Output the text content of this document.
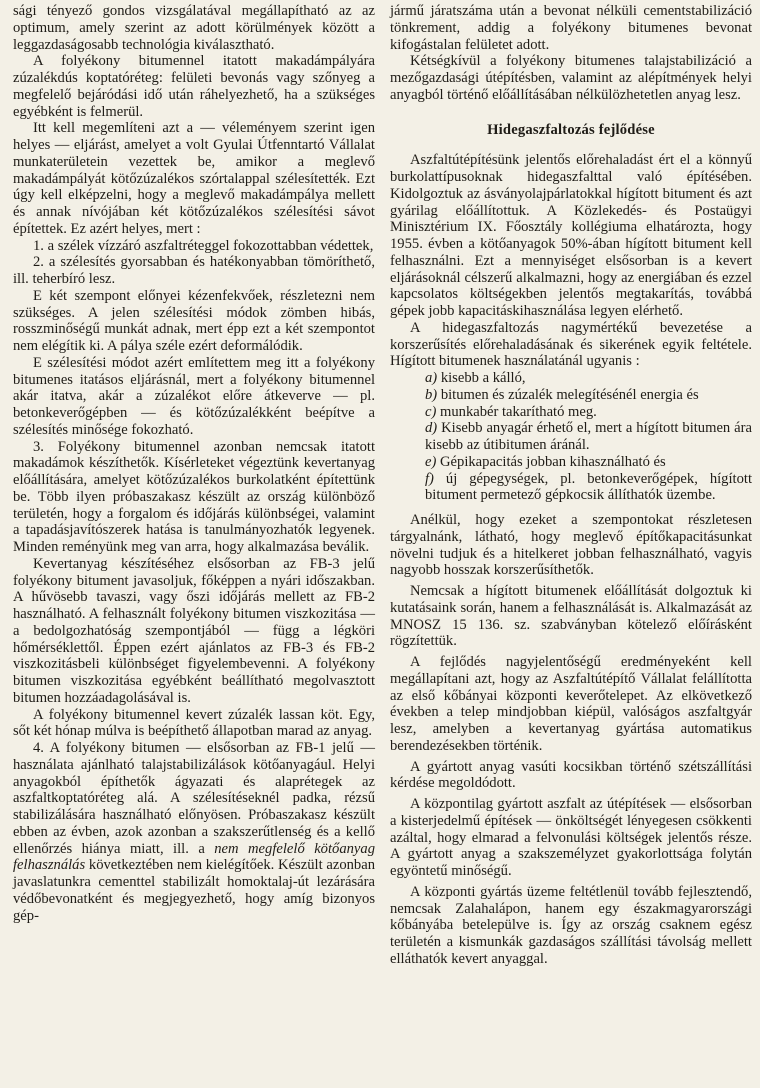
sági tényező gondos vizsgálatával megállapítható az az optimum, amely szerint az adott körülmények között a leggazdaságosabb technológia kiválasztható.

A folyékony bitumennel itatott makadámpályára zúzalékdús koptatóréteg: felületi bevonás vagy szőnyeg a megfelelő bejáródási idő után ráhelyezhető, ha a szükséges egyébként is felmerül.

Itt kell megemlíteni azt a — véleményem szerint igen helyes — eljárást, amelyet a volt Gyulai Útfenntartó Vállalat munkaterületein vezettek be, amikor a meglevő makadámpályát kötőzúzalékos szórtalappal szélesítették. Ezt úgy kell elképzelni, hogy a meglevő makadámpálya mellett és annak nívójában két kötőzúzalékos szélesítési sávot építettek. Ez azért helyes, mert :

1. a szélek vízzáró aszfaltréteggel fokozottabban védettek,

2. a szélesítés gyorsabban és hatékonyabban tömöríthető, ill. teherbíró lesz.

E két szempont előnyei kézenfekvőek, részletezni nem szükséges. A jelen szélesítési módok zömben hibás, rosszminőségű munkát adnak, mert épp ezt a két szempontot nem elégítik ki. A pálya széle ezért deformálódik.

E szélesítési módot azért említettem meg itt a folyékony bitumenes itatásos eljárásnál, mert a folyékony bitumennel akár itatva, akár a zúzalékot előre átkeverve — pl. betonkeverőgépben — és kötőzúzalékként beépítve a szélesítés minősége fokozható.

3. Folyékony bitumennel azonban nemcsak itatott makadámok készíthetők. Kísérleteket végeztünk kevertanyag előállítására, amelyet kötőzúzalékos burkolatként építettünk be. Több ilyen próbaszakasz készült az ország különböző területén, hogy a forgalom és időjárás különbségei, valamint a tapadásjavítószerek hatása is tanulmányozhatók legyenek. Minden reményünk meg van arra, hogy alkalmazása beválik.

Kevertanyag készítéséhez elsősorban az FB-3 jelű folyékony bitument javasoljuk, főképpen a nyári időszakban. A hűvösebb tavaszi, vagy őszi időjárás mellett az FB-2 használható. A felhasznált folyékony bitumen viszkozitása — a bedolgozhatóság szempontjából — függ a légköri hőmérséklettől. Éppen ezért ajánlatos az FB-3 és FB-2 viszkozitásbeli különbséget figyelembevenni. A folyékony bitumen viszkozitása egyébként beállítható megolvasztott bitumen hozzáadagolásával is.

A folyékony bitumennel kevert zúzalék lassan köt. Egy, sőt két hónap múlva is beépíthető állapotban marad az anyag.

4. A folyékony bitumen — elsősorban az FB-1 jelű — használata ajánlható talajstabilizálások kötőanyagául. Helyi anyagokból építhetők ágyazati és alaprétegek az aszfaltkoptatóréteg alá. A szélesítéseknél padka, rézsű stabilizálására használható előnyösen. Próbaszakasz készült ebben az évben, azok azonban a szakszerűtlenség és a kellő ellenőrzés hiánya miatt, ill. a nem megfelelő kötőanyag felhasználás következtében nem kielégítőek. Készült azonban javaslatunkra cementtel stabilizált homoktalaj-út lezárására védőbevonatként és megjegyezhető, hogy amíg bizonyos gép-

jármű járatszáma után a bevonat nélküli cementstabilizáció tönkrement, addig a folyékony bitumenes bevonat kifogástalan felületet adott.

Kétségkívül a folyékony bitumenes talajstabilizáció a mezőgazdasági útépítésben, valamint az alépítmények helyi anyagból történő előállításában nélkülözhetetlen anyag lesz.

Hidegaszfaltozás fejlődése

Aszfaltútépítésünk jelentős előrehaladást ért el a könnyű burkolattípusoknak hidegaszfalttal való építésében. Kidolgoztuk az ásványolajpárlatokkal hígított bitument és azt gyárilag előállítottuk. A Közlekedés- és Postaügyi Minisztérium IX. Főosztály kollégiuma elhatározta, hogy 1955. évben a kötőanyagok 50%-ában hígított bitument kell felhasználni. Ezt a mennyiséget elsősorban is a kevert eljárásoknál célszerű alkalmazni, hogy az energiában és ezzel kapcsolatos költségekben jelentős megtakarítás, továbbá gépek jobb kapacitáskihasználása legyen elérhető.

A hidegaszfaltozás nagymértékű bevezetése a korszerűsítés előrehaladásának és sikerének egyik feltétele. Hígított bitumenek használatánál ugyanis :

a) kisebb a kálló,

b) bitumen és zúzalék melegítésénél energia és

c) munkabér takarítható meg.

d) Kisebb anyagár érhető el, mert a hígított bitumen ára kisebb az útibitumen áránál.

e) Gépikapacitás jobban kihasználható és

f) új gépegységek, pl. betonkeverőgépek, hígított bitument permetező gépkocsik állíthatók üzembe.

Anélkül, hogy ezeket a szempontokat részletesen tárgyalnánk, látható, hogy meglevő építőkapacitásunkat növelni tudjuk és a hitelkeret jobban felhasználható, vagyis nagyobb hosszak korszerűsíthetők.

Nemcsak a hígított bitumenek előállítását dolgoztuk ki kutatásaink során, hanem a felhasználását is. Alkalmazását az MNOSZ 15 136. sz. szabványban kötelező előírásként rögzítettük.

A fejlődés nagyjelentőségű eredményeként kell megállapítani azt, hogy az Aszfaltútépítő Vállalat felállította az első kőbányai központi keverőtelepet. Az elkövetkező években a telep mindjobban kiépül, valóságos aszfaltgyár lesz, amelyben a kevertanyag gyártása automatikus berendezésekben történik.

A gyártott anyag vasúti kocsikban történő szétszállítási kérdése megoldódott.

A központilag gyártott aszfalt az útépítések — elsősorban a kisterjedelmű építések — önköltségét lényegesen csökkenti azáltal, hogy elmarad a felvonulási költségek jelentős része. A gyártott anyag a szakszemélyzet gyakorlottsága folytán egyöntetű minőségű.

A központi gyártás üzeme feltétlenül tovább fejlesztendő, nemcsak Zalahalápon, hanem egy északmagyarországi kőbányába betelepülve is. Így az ország csaknem egész területén a kismunkák gazdaságos szállítási távolság mellett elláthatók kevert anyaggal.
